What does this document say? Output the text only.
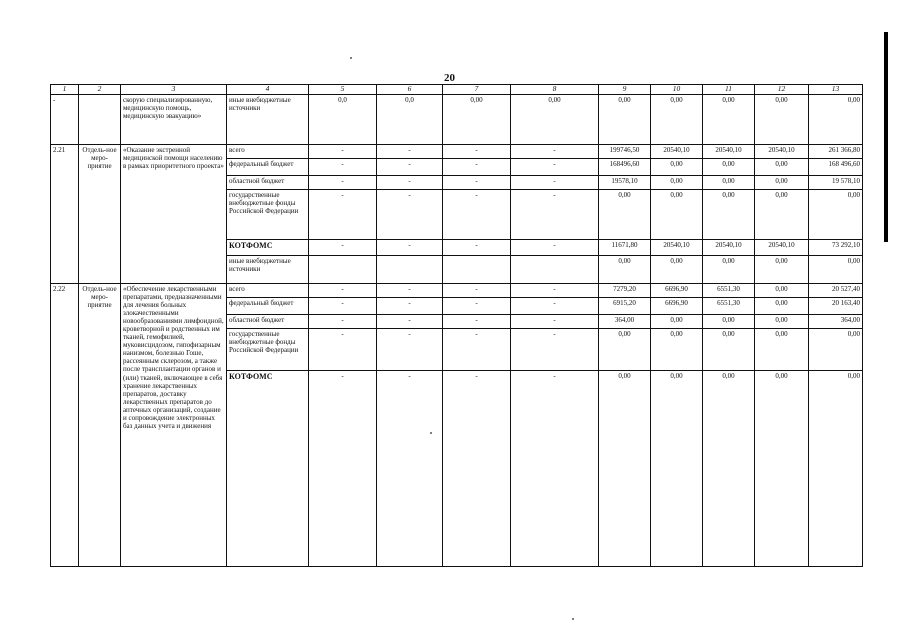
20
1	2	3	4	5	6	7	8	9	10	11	12	13
-		скорую специализированную, медицинскую помощь, медицинскую эвакуацию»	иные внебюджетные источники	0,0	0,0	0,00	0,00	0,00	0,00	0,00	0,00	0,00
2.21	Отдель-ное меро-приятие	«Оказание экстренной медицинской помощи населению в рамках приоритетного проекта»	всего	-	-	-	-	199746,50	20540,10	20540,10	20540,10	261 366,80
			федеральный бюджет	-	-	-	-	168496,60	0,00	0,00	0,00	168 496,60
			областной бюджет	-	-	-	-	19578,10	0,00	0,00	0,00	19 578,10
			государственные внебюджетные фонды Российской Федерации	-	-	-	-	0,00	0,00	0,00	0,00	0,00
			КОТФОМС	-	-	-	-	11671,80	20540,10	20540,10	20540,10	73 292,10
			иные внебюджетные источники					0,00	0,00	0,00	0,00	0,00
2.22	Отдель-ное меро-приятие	«Обеспечение лекарственными препаратами, предназначенными для лечения больных злокачественными новообразованиями лимфоидной, кроветворной и родственных им тканей, гемофилией, муковисцидозом, гипофизарным нанизмом, болезнью Гоше, рассеянным склерозом, а также после трансплантации органов и (или) тканей, включающее в себя хранение лекарственных препаратов, доставку лекарственных препаратов до аптечных организаций, создание и сопровождение электронных баз данных учета и движения	всего	-	-	-	-	7279,20	6696,90	6551,30	0,00	20 527,40
			федеральный бюджет	-	-	-	-	6915,20	6696,90	6551,30	0,00	20 163,40
			областной бюджет	-	-	-	-	364,00	0,00	0,00	0,00	364,00
			государственные внебюджетные фонды Российской Федерации	-	-	-	-	0,00	0,00	0,00	0,00	0,00
			КОТФОМС	-	-	-	-	0,00	0,00	0,00	0,00	0,00
